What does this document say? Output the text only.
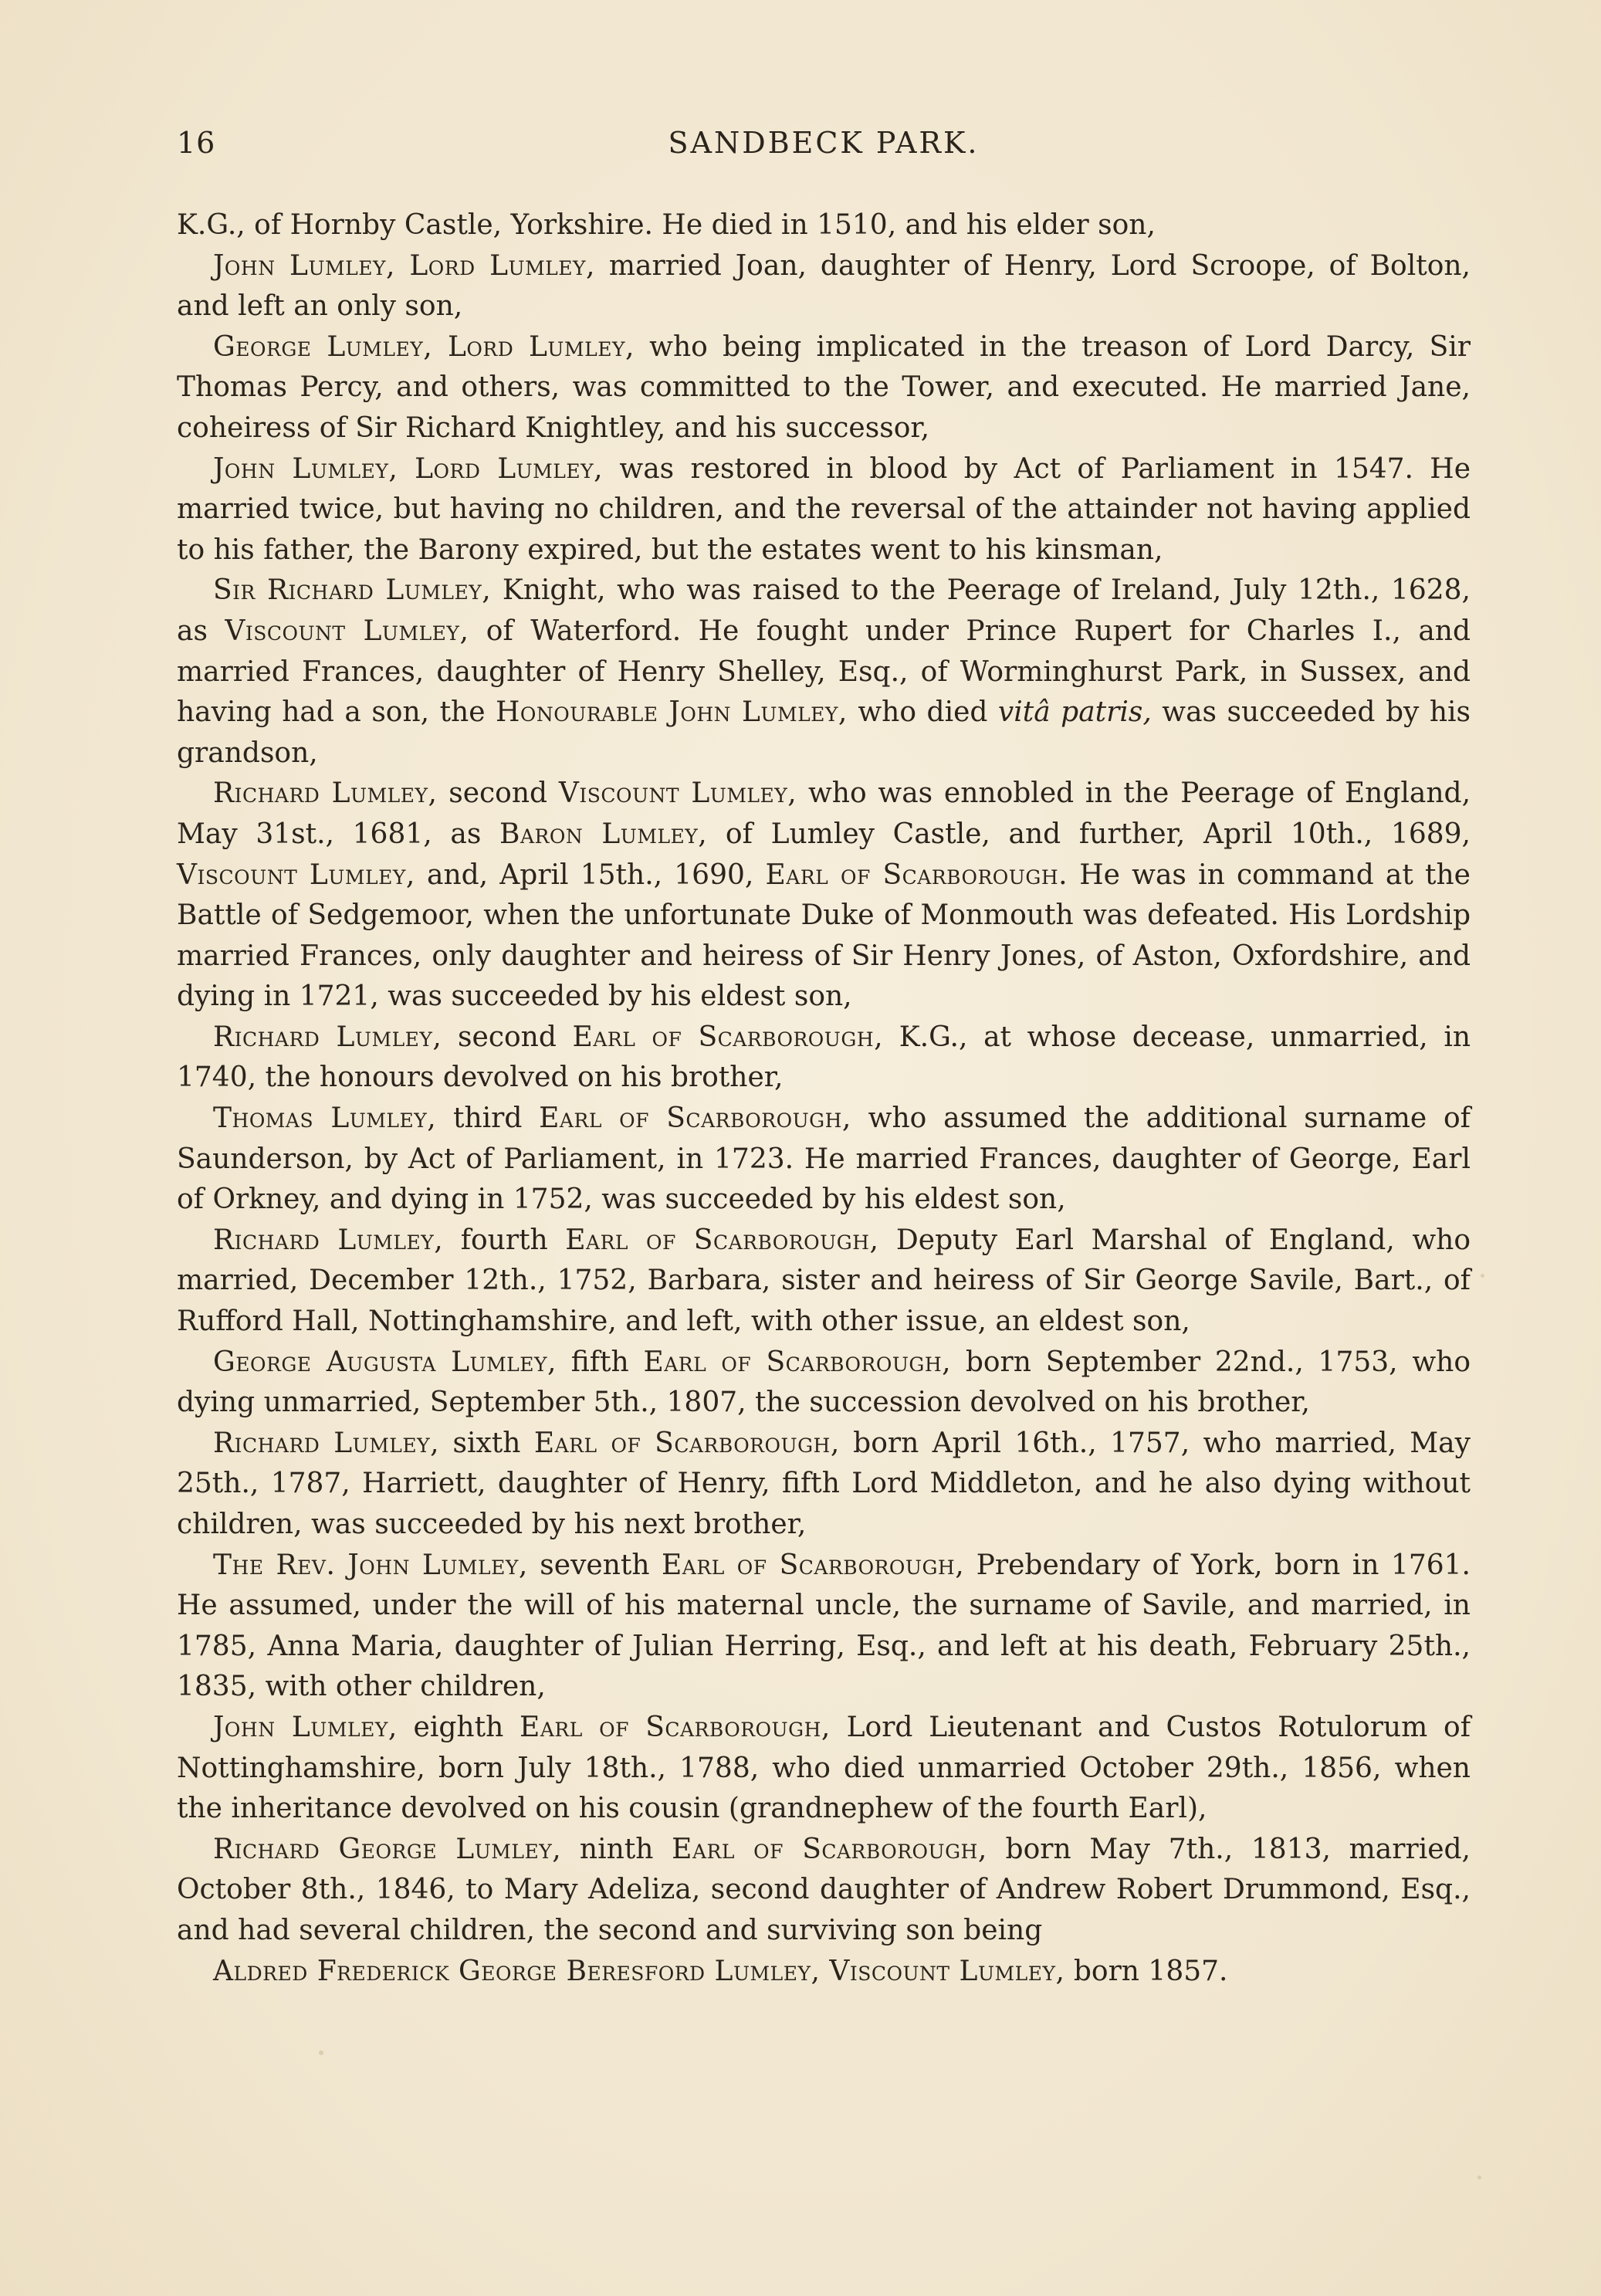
16	SANDBECK PARK.

K.G., of Hornby Castle, Yorkshire. He died in 1510, and his elder son,

John Lumley, Lord Lumley, married Joan, daughter of Henry, Lord Scroope, of Bolton, and left an only son,

George Lumley, Lord Lumley, who being implicated in the treason of Lord Darcy, Sir Thomas Percy, and others, was committed to the Tower, and executed. He married Jane, coheiress of Sir Richard Knightley, and his successor,

John Lumley, Lord Lumley, was restored in blood by Act of Parliament in 1547. He married twice, but having no children, and the reversal of the attainder not having applied to his father, the Barony expired, but the estates went to his kinsman,

Sir Richard Lumley, Knight, who was raised to the Peerage of Ireland, July 12th., 1628, as Viscount Lumley, of Waterford. He fought under Prince Rupert for Charles I., and married Frances, daughter of Henry Shelley, Esq., of Worminghurst Park, in Sussex, and having had a son, the Honourable John Lumley, who died vitâ patris, was succeeded by his grandson,

Richard Lumley, second Viscount Lumley, who was ennobled in the Peerage of England, May 31st., 1681, as Baron Lumley, of Lumley Castle, and further, April 10th., 1689, Viscount Lumley, and, April 15th., 1690, Earl of Scarborough. He was in command at the Battle of Sedgemoor, when the unfortunate Duke of Monmouth was defeated. His Lordship married Frances, only daughter and heiress of Sir Henry Jones, of Aston, Oxfordshire, and dying in 1721, was succeeded by his eldest son,

Richard Lumley, second Earl of Scarborough, K.G., at whose decease, unmarried, in 1740, the honours devolved on his brother,

Thomas Lumley, third Earl of Scarborough, who assumed the additional surname of Saunderson, by Act of Parliament, in 1723. He married Frances, daughter of George, Earl of Orkney, and dying in 1752, was succeeded by his eldest son,

Richard Lumley, fourth Earl of Scarborough, Deputy Earl Marshal of England, who married, December 12th., 1752, Barbara, sister and heiress of Sir George Savile, Bart., of Rufford Hall, Nottinghamshire, and left, with other issue, an eldest son,

George Augusta Lumley, fifth Earl of Scarborough, born September 22nd., 1753, who dying unmarried, September 5th., 1807, the succession devolved on his brother,

Richard Lumley, sixth Earl of Scarborough, born April 16th., 1757, who married, May 25th., 1787, Harriett, daughter of Henry, fifth Lord Middleton, and he also dying without children, was succeeded by his next brother,

The Rev. John Lumley, seventh Earl of Scarborough, Prebendary of York, born in 1761. He assumed, under the will of his maternal uncle, the surname of Savile, and married, in 1785, Anna Maria, daughter of Julian Herring, Esq., and left at his death, February 25th., 1835, with other children,

John Lumley, eighth Earl of Scarborough, Lord Lieutenant and Custos Rotulorum of Nottinghamshire, born July 18th., 1788, who died unmarried October 29th., 1856, when the inheritance devolved on his cousin (grandnephew of the fourth Earl),

Richard George Lumley, ninth Earl of Scarborough, born May 7th., 1813, married, October 8th., 1846, to Mary Adeliza, second daughter of Andrew Robert Drummond, Esq., and had several children, the second and surviving son being

Aldred Frederick George Beresford Lumley, Viscount Lumley, born 1857.
